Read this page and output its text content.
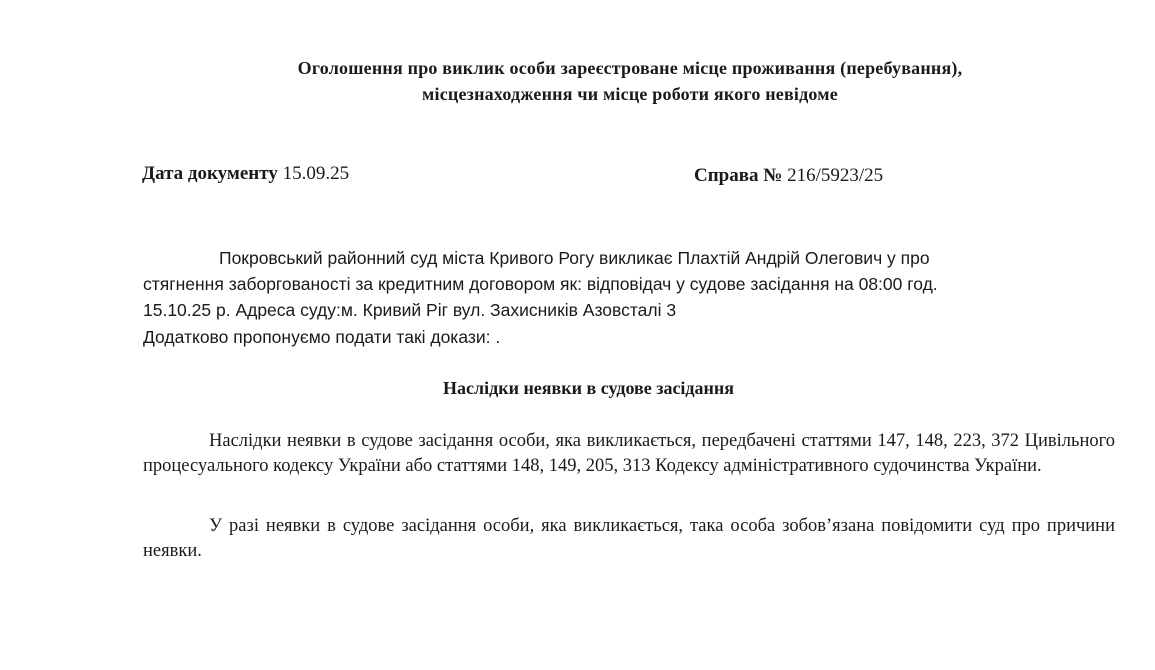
Оголошення про виклик особи зареєстроване місце проживання (перебування),
місцезнаходження чи місце роботи якого невідоме
Дата документу 15.09.25	Справа № 216/5923/25
Покровський районний суд міста Кривого Рогу викликає Плахтій Андрій Олегович у про
стягнення заборгованості за кредитним договором як: відповідач у судове засідання на 08:00 год.
15.10.25 р. Адреса суду:м. Кривий Ріг вул. Захисників Азовсталі 3
Додатково пропонуємо подати такі докази: .
Наслідки неявки в судове засідання
Наслідки неявки в судове засідання особи, яка викликається, передбачені статтями 147, 148, 223, 372 Цивільного процесуального кодексу України або статтями 148, 149, 205, 313 Кодексу адміністративного судочинства України.
У разі неявки в судове засідання особи, яка викликається, така особа зобов’язана повідомити суд про причини неявки.
